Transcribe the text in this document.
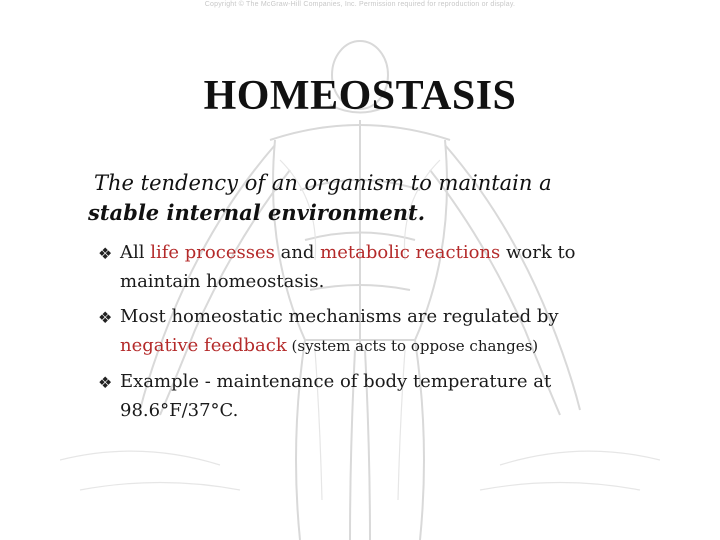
Copyright © The McGraw-Hill Companies, Inc. Permission required for reproduction or display.
HOMEOSTASIS
The tendency of an organism to maintain a
stable internal environment.
❖ All life processes and metabolic reactions work to
maintain homeostasis.
❖ Most homeostatic mechanisms are regulated by
negative feedback (system acts to oppose changes)
❖ Example - maintenance of body temperature at
98.6°F/37°C.
